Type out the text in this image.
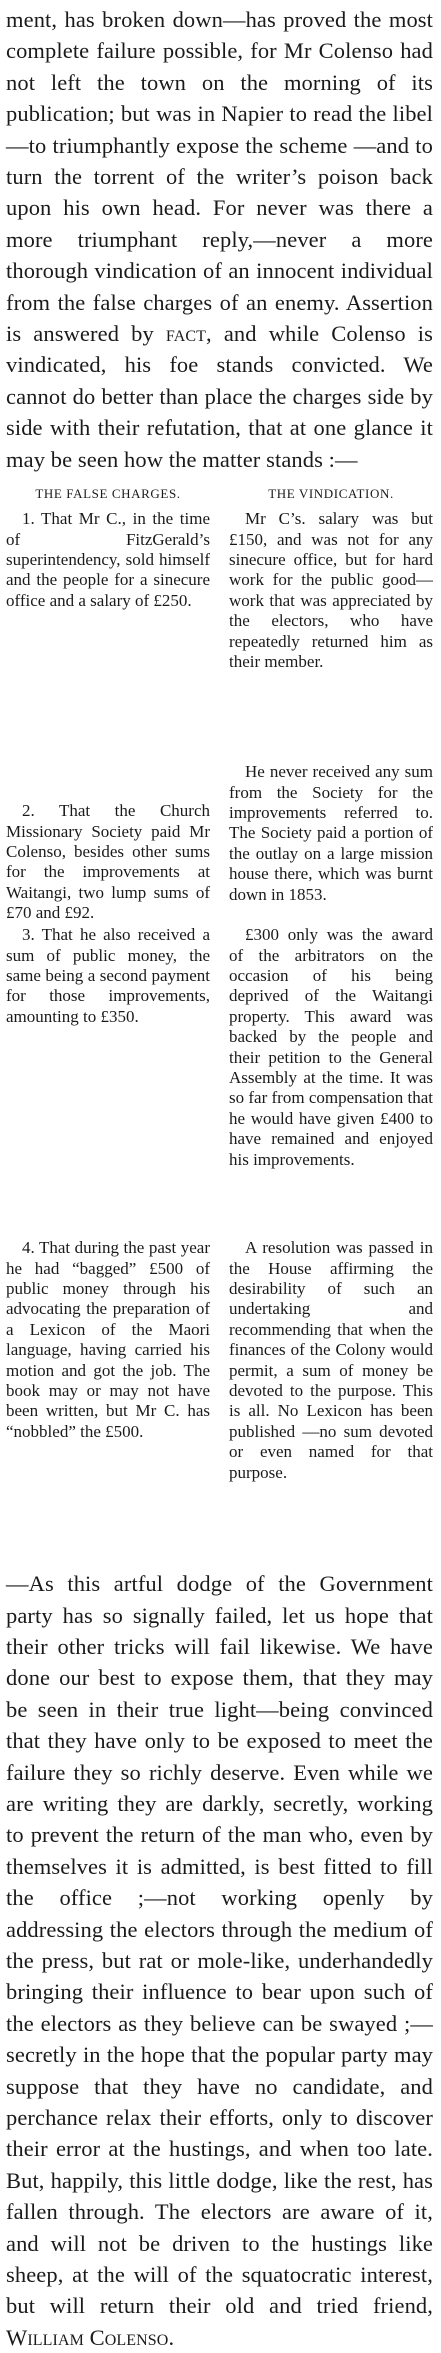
ment, has broken down—has proved the most complete failure possible, for Mr Colenso had not left the town on the morning of its publication; but was in Napier to read the libel—to triumphantly expose the scheme —and to turn the torrent of the writer’s poison back upon his own head. For never was there a more triumphant reply,—never a more thorough vindication of an innocent individual from the false charges of an enemy. Assertion is answered by fact, and while Colenso is vindicated, his foe stands convicted. We cannot do better than place the charges side by side with their refutation, that at one glance it may be seen how the matter stands :—

THE FALSE CHARGES.

1. That Mr C., in the time of FitzGerald’s superintendency, sold himself and the people for a sinecure office and a salary of £250.

2. That the Church Missionary Society paid Mr Colenso, besides other sums for the improvements at Waitangi, two lump sums of £70 and £92.

3. That he also received a sum of public money, the same being a second payment for those improvements, amounting to £350.

4. That during the past year he had “bagged” £500 of public money through his advocating the preparation of a Lexicon of the Maori language, having carried his motion and got the job. The book may or may not have been written, but Mr C. has “nobbled” the £500.

THE VINDICATION.

Mr C’s. salary was but £150, and was not for any sinecure office, but for hard work for the public good—work that was appreciated by the electors, who have repeatedly returned him as their member.

He never received any sum from the Society for the improvements referred to. The Society paid a portion of the outlay on a large mission house there, which was burnt down in 1853.

£300 only was the award of the arbitrators on the occasion of his being deprived of the Waitangi property. This award was backed by the people and their petition to the General Assembly at the time. It was so far from compensation that he would have given £400 to have remained and enjoyed his improvements.

A resolution was passed in the House affirming the desirability of such an undertaking and recommending that when the finances of the Colony would permit, a sum of money be devoted to the purpose. This is all. No Lexicon has been published —no sum devoted or even named for that purpose.

—As this artful dodge of the Government party has so signally failed, let us hope that their other tricks will fail likewise. We have done our best to expose them, that they may be seen in their true light—being convinced that they have only to be exposed to meet the failure they so richly deserve. Even while we are writing they are darkly, secretly, working to prevent the return of the man who, even by themselves it is admitted, is best fitted to fill the office ;—not working openly by addressing the electors through the medium of the press, but rat or mole-like, underhandedly bringing their influence to bear upon such of the electors as they believe can be swayed ;—secretly in the hope that the popular party may suppose that they have no candidate, and perchance relax their efforts, only to discover their error at the hustings, and when too late. But, happily, this little dodge, like the rest, has fallen through. The electors are aware of it, and will not be driven to the hustings like sheep, at the will of the squatocratic interest, but will return their old and tried friend, William Colenso.
